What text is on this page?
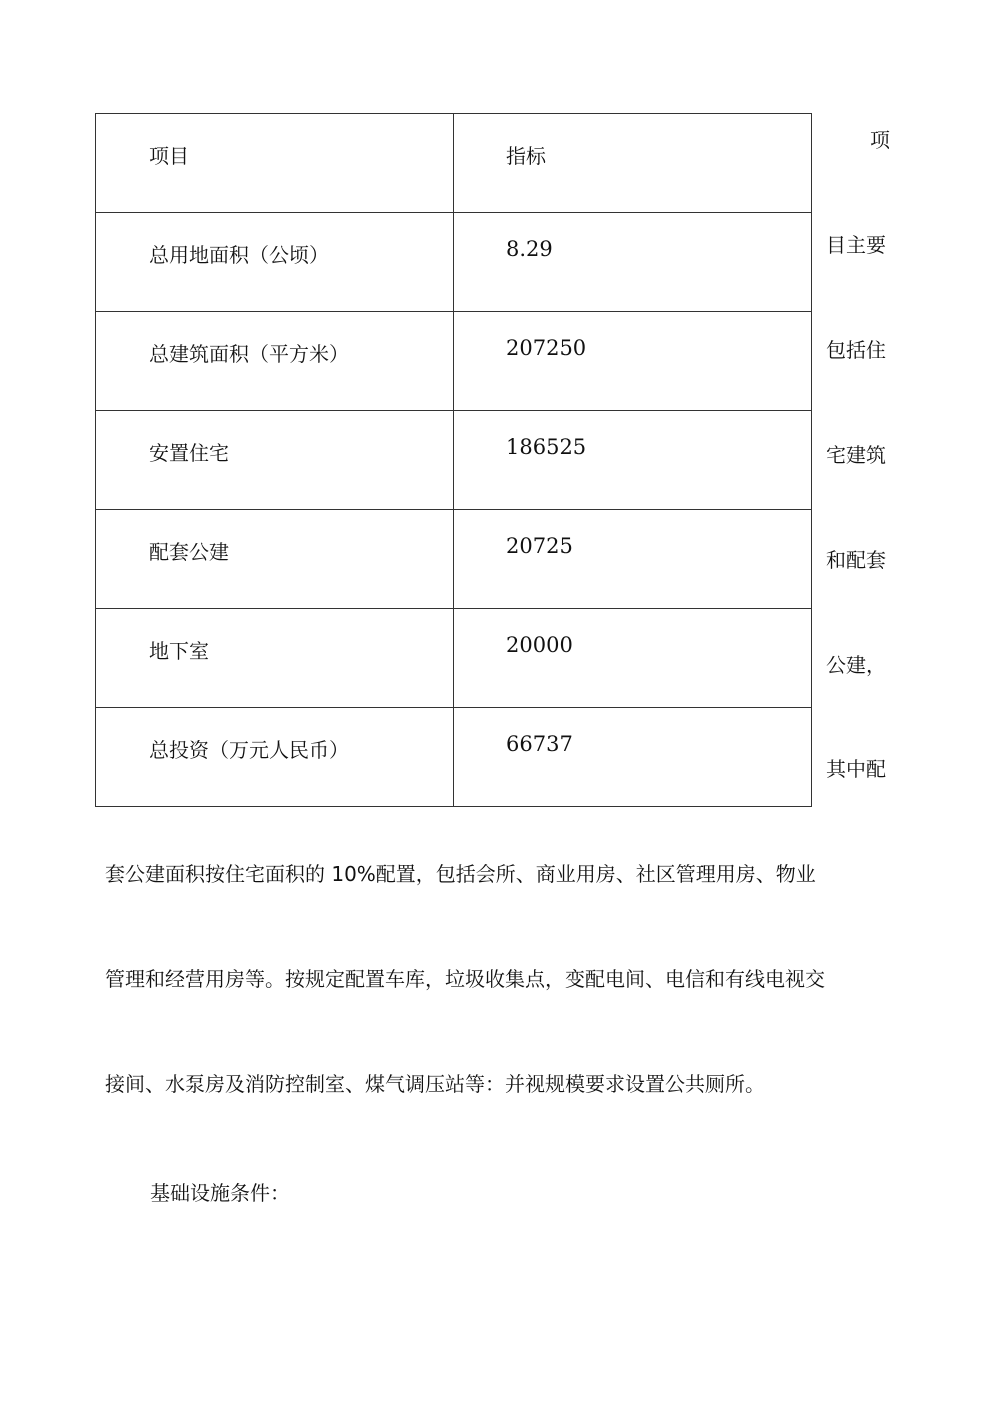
项目	指标

总用地面积（公顷）	8.29

总建筑面积（平方米）	207250

安置住宅	186525

配套公建	20725

地下室	20000

总投资（万元人民币）	66737
项
目主要
包括住
宅建筑
和配套
公建，
其中配
套公建面积按住宅面积的 10%配置，包括会所、商业用房、社区管理用房、物业
管理和经营用房等。按规定配置车库，垃圾收集点，变配电间、电信和有线电视交
接间、水泵房及消防控制室、煤气调压站等：并视规模要求设置公共厕所。
基础设施条件：
